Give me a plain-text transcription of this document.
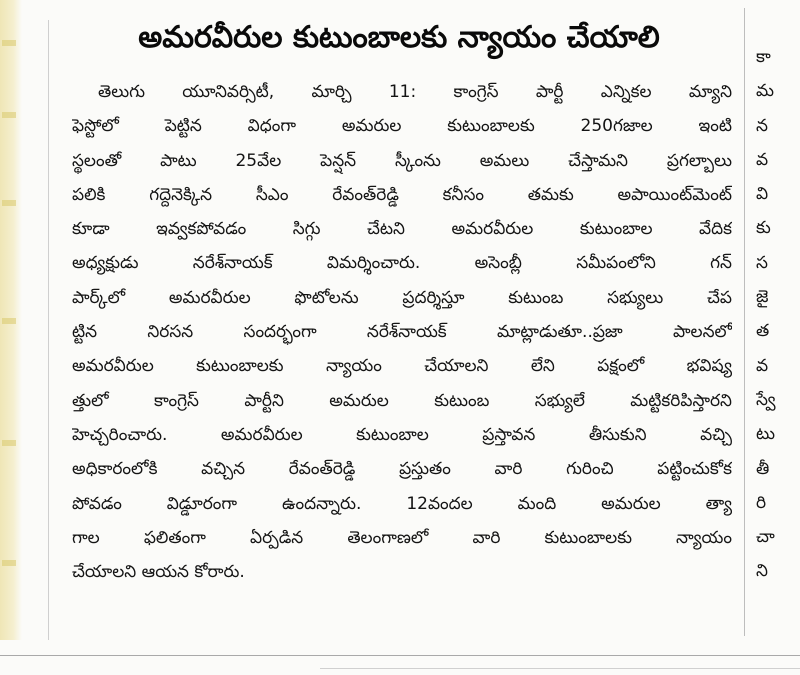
అమరవీరుల కుటుంబాలకు న్యాయం చేయాలి
తెలుగు యూనివర్సిటీ, మార్చి 11: కాంగ్రెస్ పార్టీ ఎన్నికల మ్యాని
ఫెస్టోలో పెట్టిన విధంగా అమరుల కుటుంబాలకు 250గజాల ఇంటి
స్థలంతో పాటు 25వేల పెన్షన్ స్కీంను అమలు చేస్తామని ప్రగల్బాలు
పలికి గద్దెనెక్కిన సీఎం రేవంత్‌రెడ్డి కనీసం తమకు అపాయింట్‌మెంట్
కూడా ఇవ్వకపోవడం సిగ్గు చేటని అమరవీరుల కుటుంబాల వేదిక
అధ్యక్షుడు నరేశ్‌నాయక్ విమర్శించారు. అసెంబ్లీ సమీపంలోని గన్
పార్క్‌లో అమరవీరుల ఫొటోలను ప్రదర్శిస్తూ కుటుంబ సభ్యులు చేప
ట్టిన నిరసన సందర్భంగా నరేశ్‌నాయక్ మాట్లాడుతూ..ప్రజా పాలనలో
అమరవీరుల కుటుంబాలకు న్యాయం చేయాలని లేని పక్షంలో భవిష్య
త్తులో కాంగ్రెస్ పార్టీని అమరుల కుటుంబ సభ్యులే మట్టికరిపిస్తారని
హెచ్చరించారు. అమరవీరుల కుటుంబాల ప్రస్తావన తీసుకుని వచ్చి
అధికారంలోకి వచ్చిన రేవంత్‌రెడ్డి ప్రస్తుతం వారి గురించి పట్టించుకోక
పోవడం విడ్డూరంగా ఉందన్నారు. 12వందల మంది అమరుల త్యా
గాల ఫలితంగా ఏర్పడిన తెలంగాణలో వారి కుటుంబాలకు న్యాయం
చేయాలని ఆయన కోరారు.
కా
మ
న
వ
వి
కు
స
జై
త
వ
స్వే
టు
తీ
రి
చా
ని
